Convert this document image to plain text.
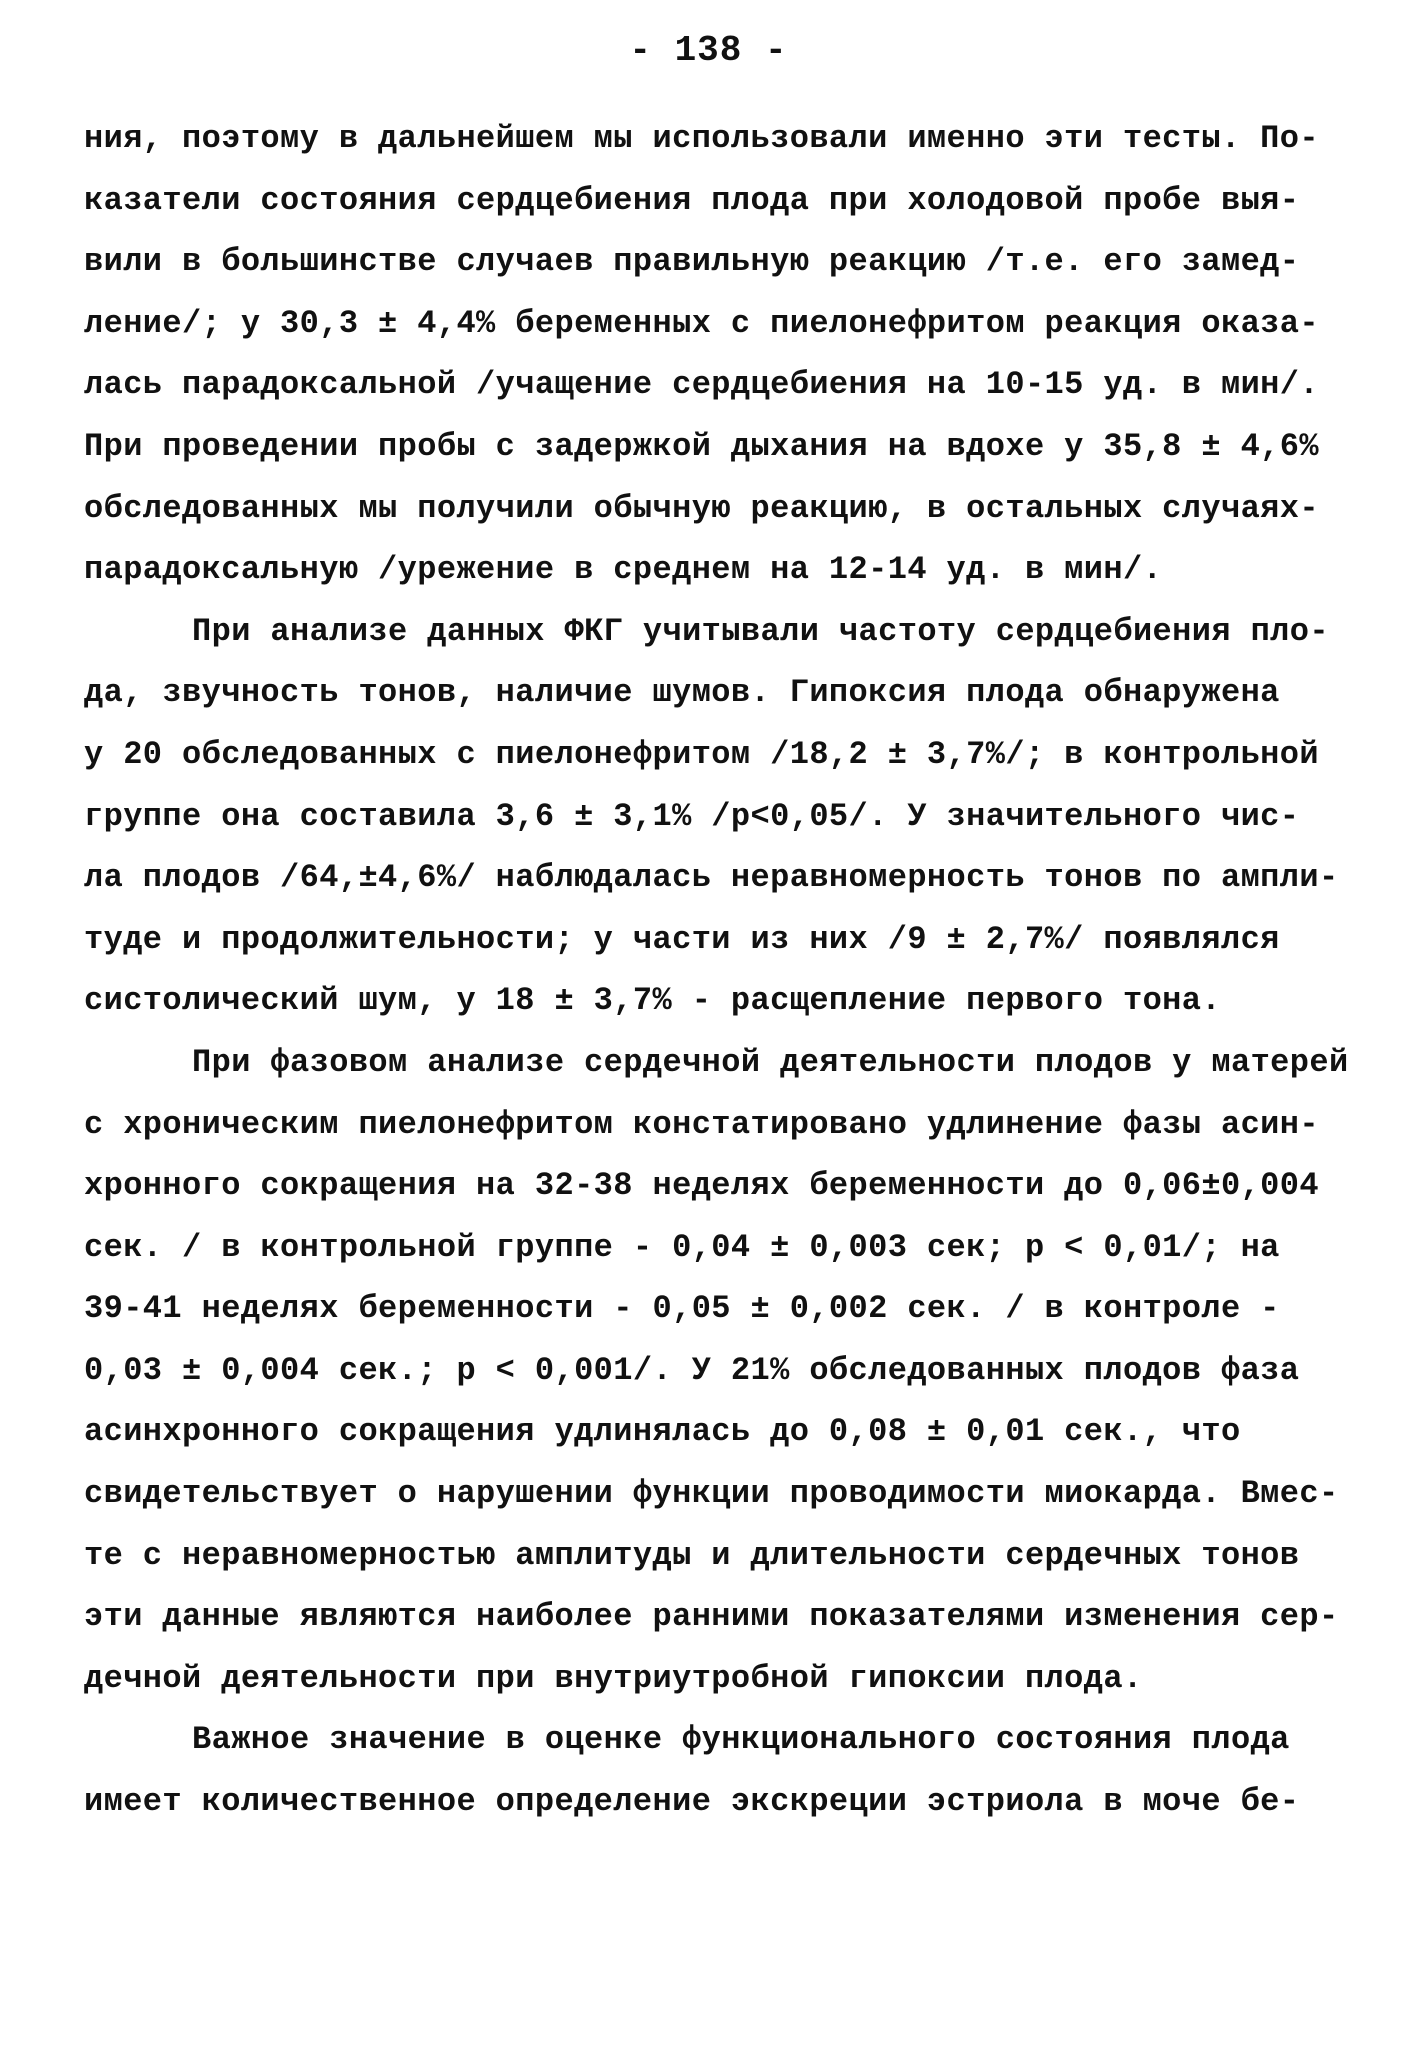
- 138 -
ния, поэтому в дальнейшем мы использовали именно эти тесты. По-
казатели состояния сердцебиения плода при холодовой пробе выя-
вили в большинстве случаев правильную реакцию /т.е. его замед-
ление/; у 30,3 ± 4,4% беременных с пиелонефритом реакция оказа-
лась парадоксальной /учащение сердцебиения на 10-15 уд. в мин/.
При проведении пробы с задержкой дыхания на вдохе у 35,8 ± 4,6%
обследованных мы получили обычную реакцию, в остальных случаях-
парадоксальную /урежение в среднем на 12-14 уд. в мин/.
При анализе данных ФКГ учитывали частоту сердцебиения пло-
да, звучность тонов, наличие шумов. Гипоксия плода обнаружена
у 20 обследованных с пиелонефритом /18,2 ± 3,7%/; в контрольной
группе она составила 3,6 ± 3,1% /р<0,05/. У значительного чис-
ла плодов /64,±4,6%/ наблюдалась неравномерность тонов по ампли-
туде и продолжительности; у части из них /9 ± 2,7%/ появлялся
систолический шум, у 18 ± 3,7% - расщепление первого тона.
При фазовом анализе сердечной деятельности плодов у матерей
с хроническим пиелонефритом констатировано удлинение фазы асин-
хронного сокращения на 32-38 неделях беременности до 0,06±0,004
сек. / в контрольной группе - 0,04 ± 0,003 сек; р < 0,01/; на
39-41 неделях беременности - 0,05 ± 0,002 сек. / в контроле -
0,03 ± 0,004 сек.; р < 0,001/. У 21% обследованных плодов фаза
асинхронного сокращения удлинялась до 0,08 ± 0,01 сек., что
свидетельствует о нарушении функции проводимости миокарда. Вмес-
те с неравномерностью амплитуды и длительности сердечных тонов
эти данные являются наиболее ранними показателями изменения сер-
дечной деятельности при внутриутробной гипоксии плода.
Важное значение в оценке функционального состояния плода
имеет количественное определение экскреции эстриола в моче бе-
